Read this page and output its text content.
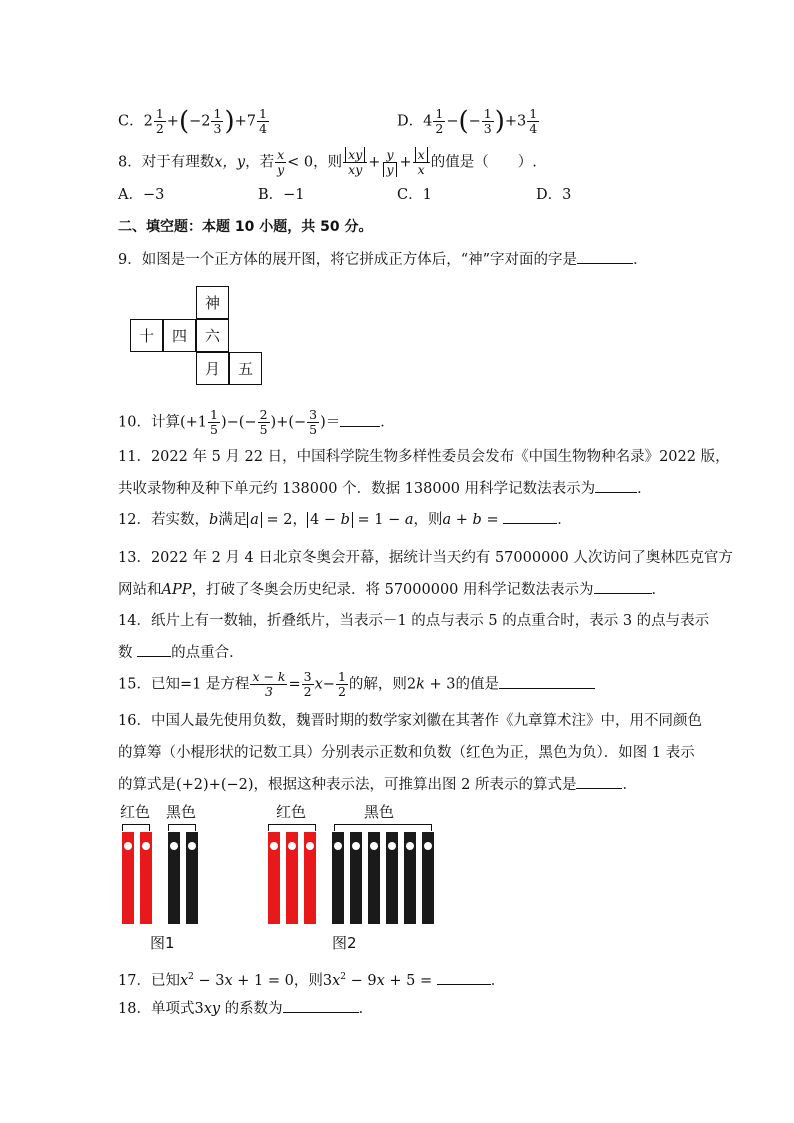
C．$2 \frac{1}{2} +(-2 \frac{1}{3} )+7 \frac{1}{4}$	D．$4 \frac{1}{2}$ −(− $\frac{1}{3} )+3 \frac{1}{4}$
8．对于有理数x，y，若 $\frac{x}{y} < 0$，则 $\frac{xy}{xy} + \frac{y}{y} + \frac{x}{x}$ 的值是（　　）.
A．−3	B．−1	C．1	D．3
二、填空题：本题 10 小题，共 50 分。
9．如图是一个正方体的展开图，将它拼成正方体后，“神”字对面的字是	．
神
十	四	六
月	五
10．计算($+1 \frac{1}{5}$ )−(− $\frac{2}{5}$ )+(− $\frac{3}{5}$ )＝	．
11．2022 年 5 月 22 日，中国科学院生物多样性委员会发布《中国生物物种名录》2022 版，
共收录物种及种下单元约 138000 个．数据 138000 用科学记数法表示为	．
12．若实数，b满足 a = 2， 4 − b = 1 − a，则a + b =	．
13．2022 年 2 月 4 日北京冬奥会开幕，据统计当天约有 57000000 人次访问了奥林匹克官方
网站和APP，打破了冬奥会历史纪录．将 57000000 用科学记数法表示为	．
14．纸片上有一数轴，折叠纸片，当表示－1 的点与表示 5 的点重合时，表示 3 的点与表示
数	的点重合．
15．已知=1 是方程 $\frac{x - k}{3} = \frac{3}{2} x- \frac{1}{2}$ 的解，则2k + 3的值是
16．中国人最先使用负数，魏晋时期的数学家刘徽在其著作《九章算术注》中，用不同颜色
的算筹（小棍形状的记数工具）分别表示正数和负数（红色为正，黑色为负）．如图 1 表示
的算式是(+2)+(−2)，根据这种表示法，可推算出图 2 所表示的算式是	．
红色 黑色
图1
红色	黑色
图2
17．已知$x^2 - 3x + 1 = 0$，则$3x^2 - 9x + 5$ =	．
18．单项式3xy 的系数为	．
